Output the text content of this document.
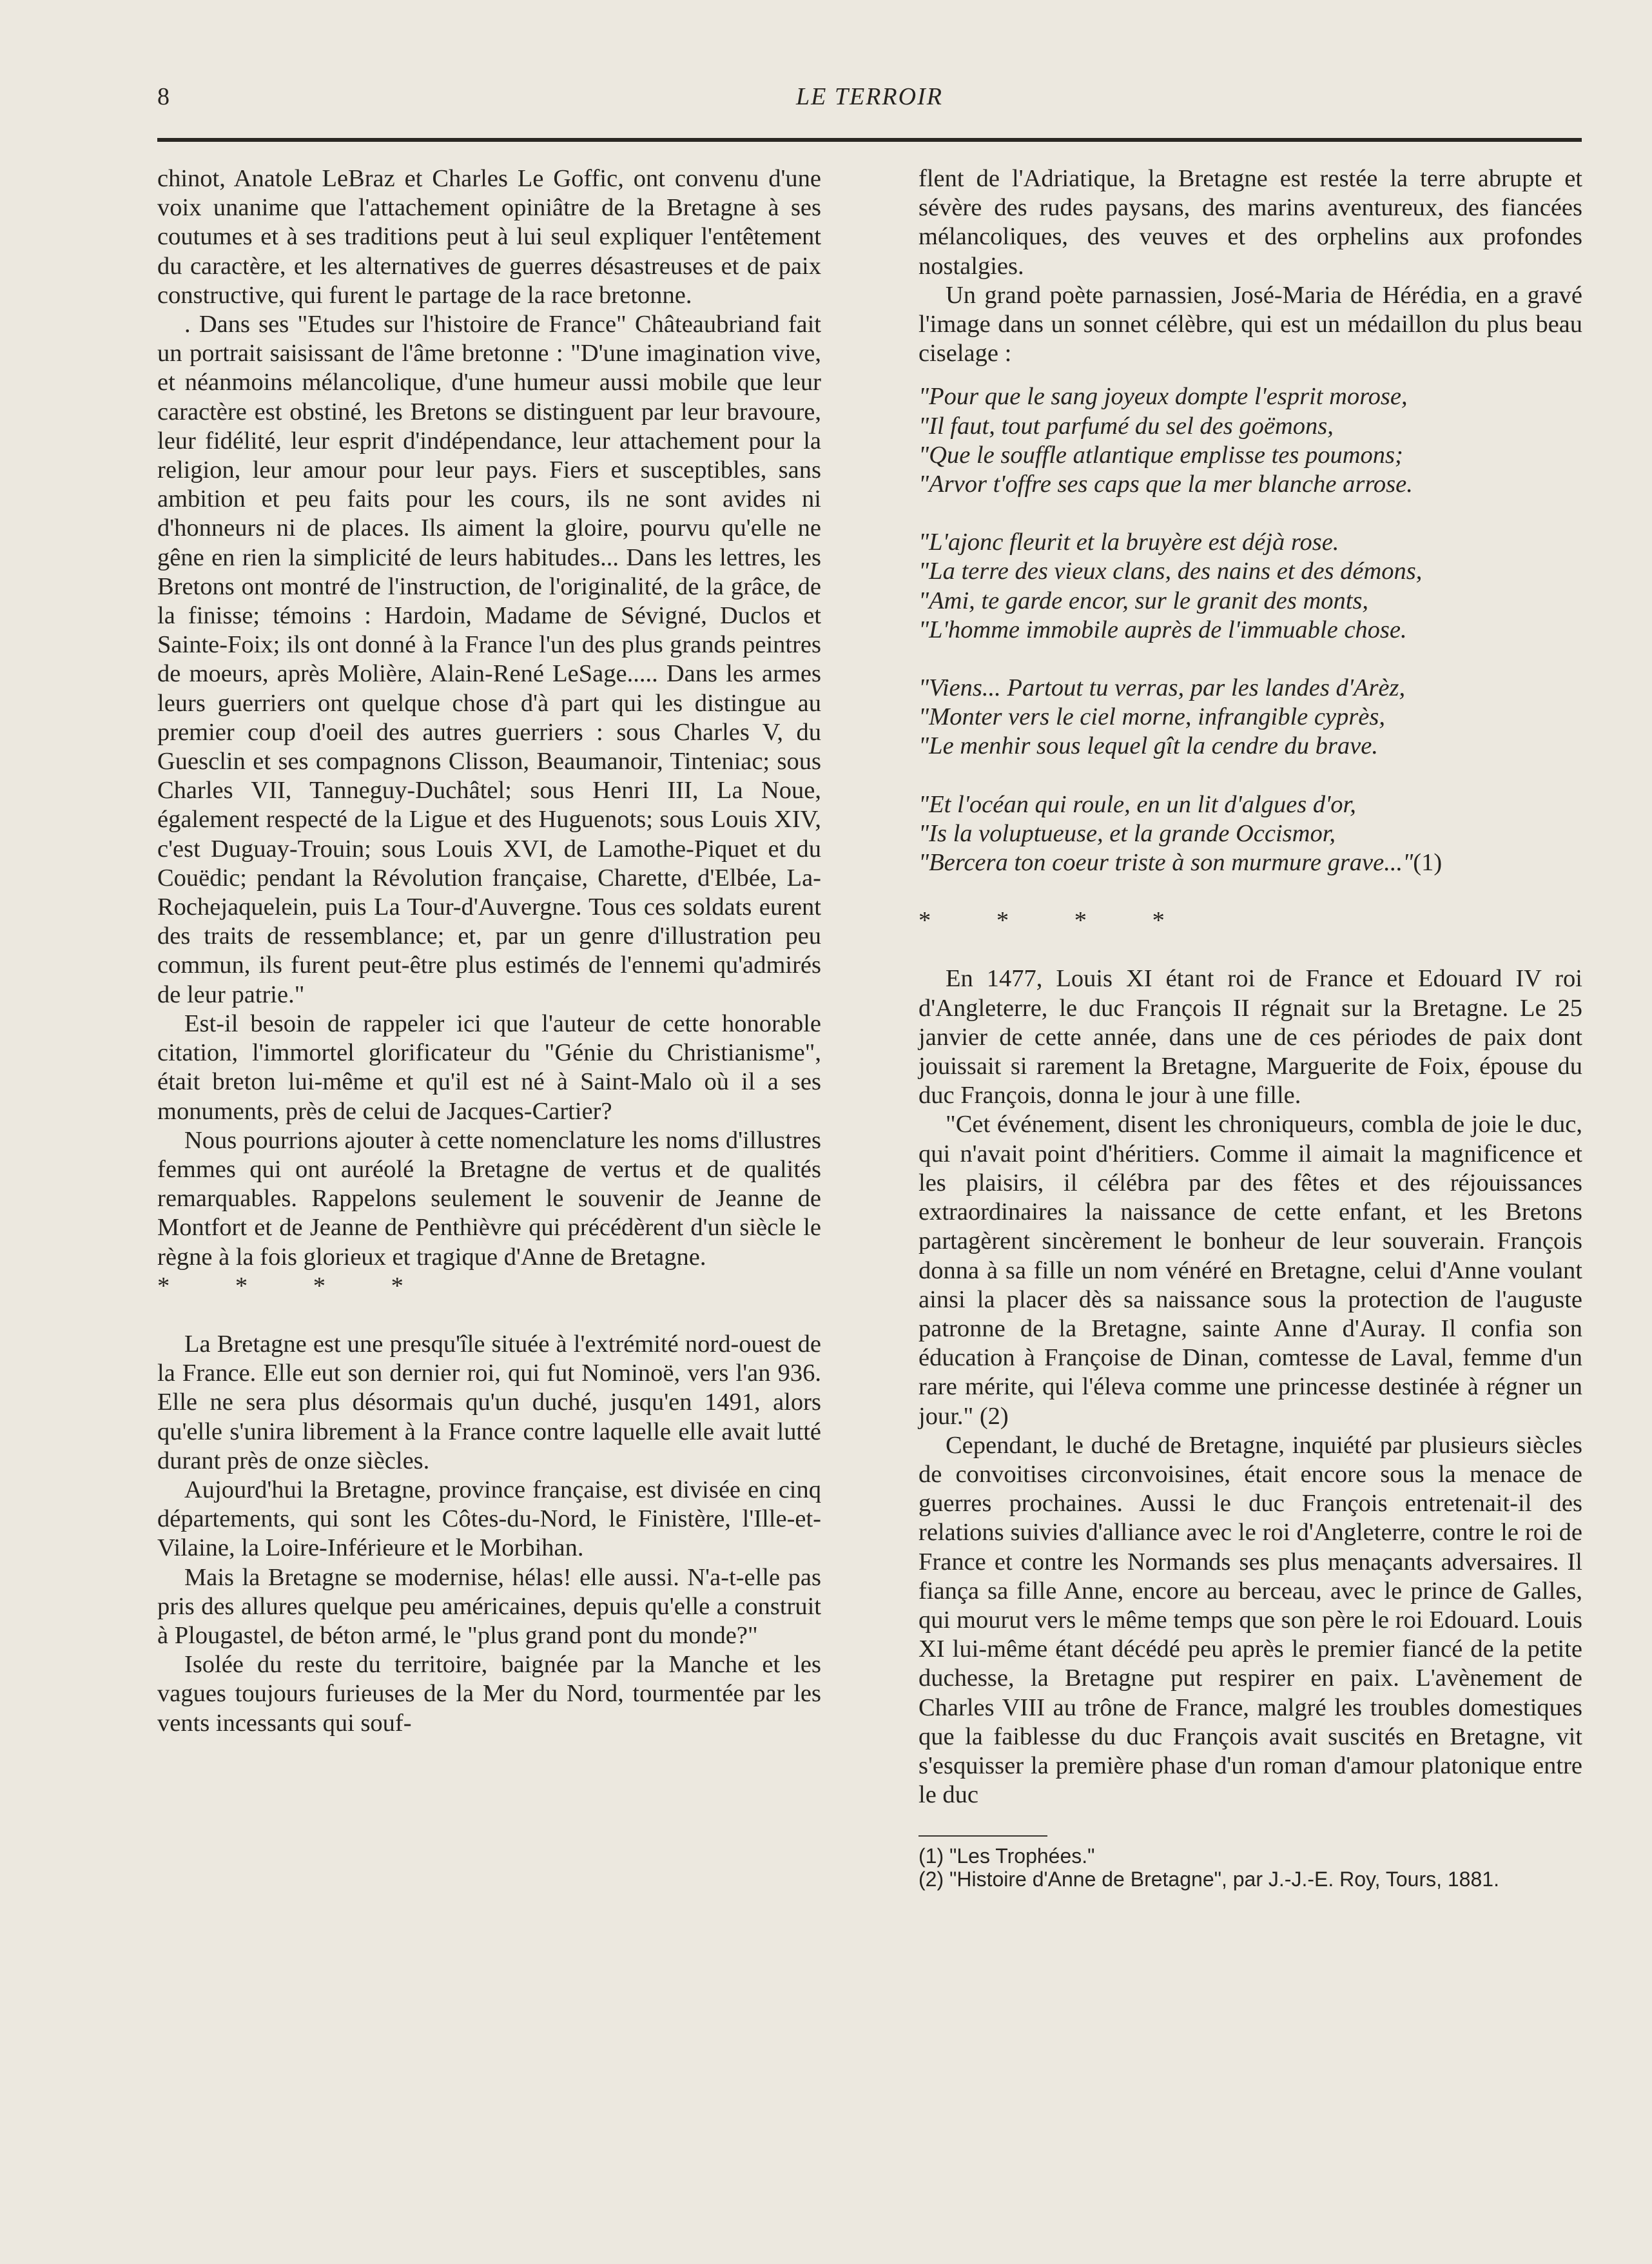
8	LE TERROIR

chinot, Anatole LeBraz et Charles Le Goffic, ont convenu d'une voix unanime que l'attachement opiniâtre de la Bretagne à ses coutumes et à ses traditions peut à lui seul expliquer l'entêtement du caractère, et les alternatives de guerres désastreuses et de paix constructive, qui furent le partage de la race bretonne.

. Dans ses "Etudes sur l'histoire de France" Châteaubriand fait un portrait saisissant de l'âme bretonne : "D'une imagination vive, et néanmoins mélancolique, d'une humeur aussi mobile que leur caractère est obstiné, les Bretons se distinguent par leur bravoure, leur fidélité, leur esprit d'indépendance, leur attachement pour la religion, leur amour pour leur pays. Fiers et susceptibles, sans ambition et peu faits pour les cours, ils ne sont avides ni d'honneurs ni de places. Ils aiment la gloire, pourvu qu'elle ne gêne en rien la simplicité de leurs habitudes... Dans les lettres, les Bretons ont montré de l'instruction, de l'originalité, de la grâce, de la finisse; témoins : Hardoin, Madame de Sévigné, Duclos et Sainte-Foix; ils ont donné à la France l'un des plus grands peintres de moeurs, après Molière, Alain-René LeSage..... Dans les armes leurs guerriers ont quelque chose d'à part qui les distingue au premier coup d'oeil des autres guerriers : sous Charles V, du Guesclin et ses compagnons Clisson, Beaumanoir, Tinteniac; sous Charles VII, Tanneguy-Duchâtel; sous Henri III, La Noue, également respecté de la Ligue et des Huguenots; sous Louis XIV, c'est Duguay-Trouin; sous Louis XVI, de Lamothe-Piquet et du Couëdic; pendant la Révolution française, Charette, d'Elbée, La-Rochejaquelein, puis La Tour-d'Auvergne. Tous ces soldats eurent des traits de ressemblance; et, par un genre d'illustration peu commun, ils furent peut-être plus estimés de l'ennemi qu'admirés de leur patrie."

Est-il besoin de rappeler ici que l'auteur de cette honorable citation, l'immortel glorificateur du "Génie du Christianisme", était breton lui-même et qu'il est né à Saint-Malo où il a ses monuments, près de celui de Jacques-Cartier?

Nous pourrions ajouter à cette nomenclature les noms d'illustres femmes qui ont auréolé la Bretagne de vertus et de qualités remarquables. Rappelons seulement le souvenir de Jeanne de Montfort et de Jeanne de Penthièvre qui précédèrent d'un siècle le règne à la fois glorieux et tragique d'Anne de Bretagne.

* * * *

La Bretagne est une presqu'île située à l'extrémité nord-ouest de la France. Elle eut son dernier roi, qui fut Nominoë, vers l'an 936. Elle ne sera plus désormais qu'un duché, jusqu'en 1491, alors qu'elle s'unira librement à la France contre laquelle elle avait lutté durant près de onze siècles.

Aujourd'hui la Bretagne, province française, est divisée en cinq départements, qui sont les Côtes-du-Nord, le Finistère, l'Ille-et-Vilaine, la Loire-Inférieure et le Morbihan.

Mais la Bretagne se modernise, hélas! elle aussi. N'a-t-elle pas pris des allures quelque peu américaines, depuis qu'elle a construit à Plougastel, de béton armé, le "plus grand pont du monde?"

Isolée du reste du territoire, baignée par la Manche et les vagues toujours furieuses de la Mer du Nord, tourmentée par les vents incessants qui souf-

flent de l'Adriatique, la Bretagne est restée la terre abrupte et sévère des rudes paysans, des marins aventureux, des fiancées mélancoliques, des veuves et des orphelins aux profondes nostalgies.

Un grand poète parnassien, José-Maria de Hérédia, en a gravé l'image dans un sonnet célèbre, qui est un médaillon du plus beau ciselage :

"Pour que le sang joyeux dompte l'esprit morose,
"Il faut, tout parfumé du sel des goëmons,
"Que le souffle atlantique emplisse tes poumons;
"Arvor t'offre ses caps que la mer blanche arrose.
"L'ajonc fleurit et la bruyère est déjà rose.
"La terre des vieux clans, des nains et des démons,
"Ami, te garde encor, sur le granit des monts,
"L'homme immobile auprès de l'immuable chose.
"Viens... Partout tu verras, par les landes d'Arèz,
"Monter vers le ciel morne, infrangible cyprès,
"Le menhir sous lequel gît la cendre du brave.
"Et l'océan qui roule, en un lit d'algues d'or,
"Is la voluptueuse, et la grande Occismor,
"Bercera ton coeur triste à son murmure grave..."(1)

* * * *

En 1477, Louis XI étant roi de France et Edouard IV roi d'Angleterre, le duc François II régnait sur la Bretagne. Le 25 janvier de cette année, dans une de ces périodes de paix dont jouissait si rarement la Bretagne, Marguerite de Foix, épouse du duc François, donna le jour à une fille.

"Cet événement, disent les chroniqueurs, combla de joie le duc, qui n'avait point d'héritiers. Comme il aimait la magnificence et les plaisirs, il célébra par des fêtes et des réjouissances extraordinaires la naissance de cette enfant, et les Bretons partagèrent sincèrement le bonheur de leur souverain. François donna à sa fille un nom vénéré en Bretagne, celui d'Anne voulant ainsi la placer dès sa naissance sous la protection de l'auguste patronne de la Bretagne, sainte Anne d'Auray. Il confia son éducation à Françoise de Dinan, comtesse de Laval, femme d'un rare mérite, qui l'éleva comme une princesse destinée à régner un jour." (2)

Cependant, le duché de Bretagne, inquiété par plusieurs siècles de convoitises circonvoisines, était encore sous la menace de guerres prochaines. Aussi le duc François entretenait-il des relations suivies d'alliance avec le roi d'Angleterre, contre le roi de France et contre les Normands ses plus menaçants adversaires. Il fiança sa fille Anne, encore au berceau, avec le prince de Galles, qui mourut vers le même temps que son père le roi Edouard. Louis XI lui-même étant décédé peu après le premier fiancé de la petite duchesse, la Bretagne put respirer en paix. L'avènement de Charles VIII au trône de France, malgré les troubles domestiques que la faiblesse du duc François avait suscités en Bretagne, vit s'esquisser la première phase d'un roman d'amour platonique entre le duc

(1) "Les Trophées."

(2) "Histoire d'Anne de Bretagne", par J.-J.-E. Roy, Tours, 1881.
